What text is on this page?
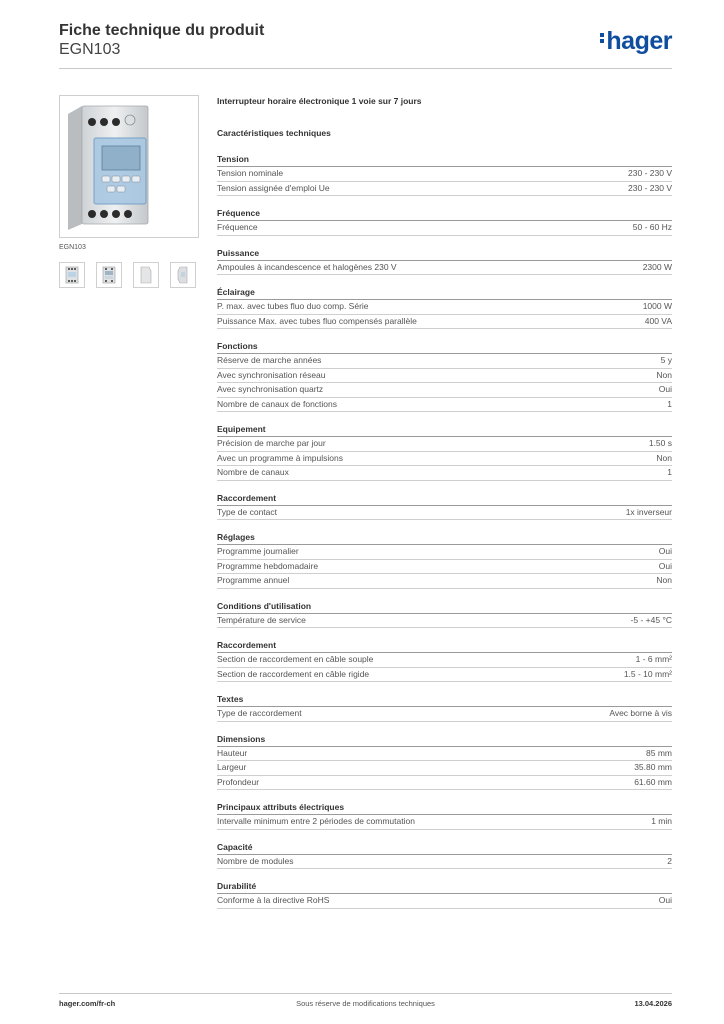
Fiche technique du produit
EGN103	hager
EGN103
Interrupteur horaire électronique 1 voie sur 7 jours
Caractéristiques techniques
Tension
Tension nominale	230 - 230 V
Tension assignée d'emploi Ue	230 - 230 V
Fréquence
Fréquence	50 - 60 Hz
Puissance
Ampoules à incandescence et halogènes 230 V	2300 W
Éclairage
P. max. avec tubes fluo duo comp. Série	1000 W
Puissance Max. avec tubes fluo compensés parallèle	400 VA
Fonctions
Réserve de marche années	5 y
Avec synchronisation réseau	Non
Avec synchronisation quartz	Oui
Nombre de canaux de fonctions	1
Equipement
Précision de marche par jour	1.50 s
Avec un programme à impulsions	Non
Nombre de canaux	1
Raccordement
Type de contact	1x inverseur
Réglages
Programme journalier	Oui
Programme hebdomadaire	Oui
Programme annuel	Non
Conditions d'utilisation
Température de service	-5 - +45 °C
Raccordement
Section de raccordement en câble souple	1 - 6 mm²
Section de raccordement en câble rigide	1.5 - 10 mm²
Textes
Type de raccordement	Avec borne à vis
Dimensions
Hauteur	85 mm
Largeur	35.80 mm
Profondeur	61.60 mm
Principaux attributs électriques
Intervalle minimum entre 2 périodes de commutation	1 min
Capacité
Nombre de modules	2
Durabilité
Conforme à la directive RoHS	Oui
hager.com/fr-ch	Sous réserve de modifications techniques	13.04.2026
